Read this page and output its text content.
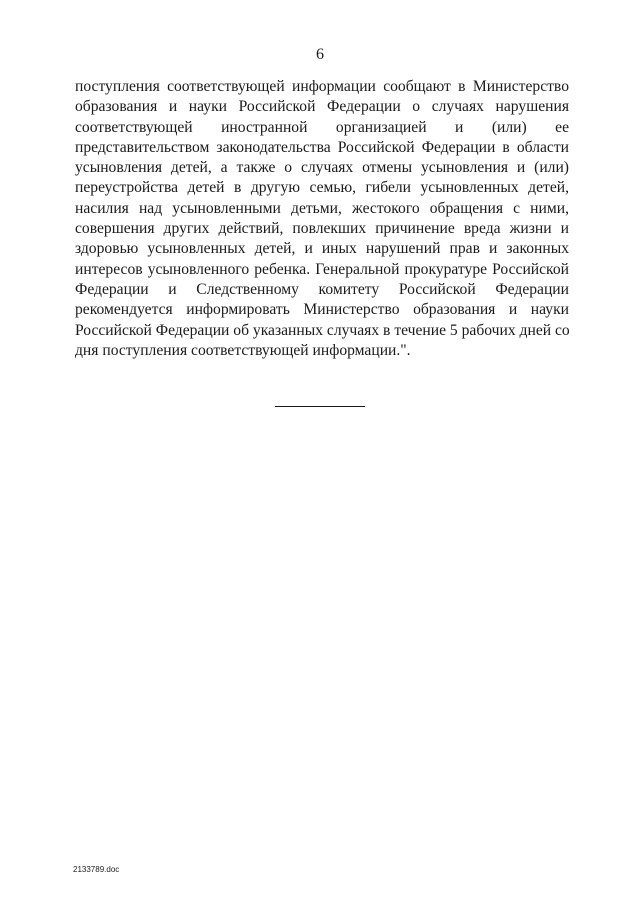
6
поступления соответствующей информации сообщают в Министерство
образования и науки Российской Федерации о случаях нарушения
соответствующей иностранной организацией и (или) ее
представительством законодательства Российской Федерации в области
усыновления детей, а также о случаях отмены усыновления и (или)
переустройства детей в другую семью, гибели усыновленных детей,
насилия над усыновленными детьми, жестокого обращения с ними,
совершения других действий, повлекших причинение вреда жизни и
здоровью усыновленных детей, и иных нарушений прав и законных
интересов усыновленного ребенка. Генеральной прокуратуре Российской
Федерации и Следственному комитету Российской Федерации
рекомендуется информировать Министерство образования и науки
Российской Федерации об указанных случаях в течение 5 рабочих дней со
дня поступления соответствующей информации.".
2133789.doc
